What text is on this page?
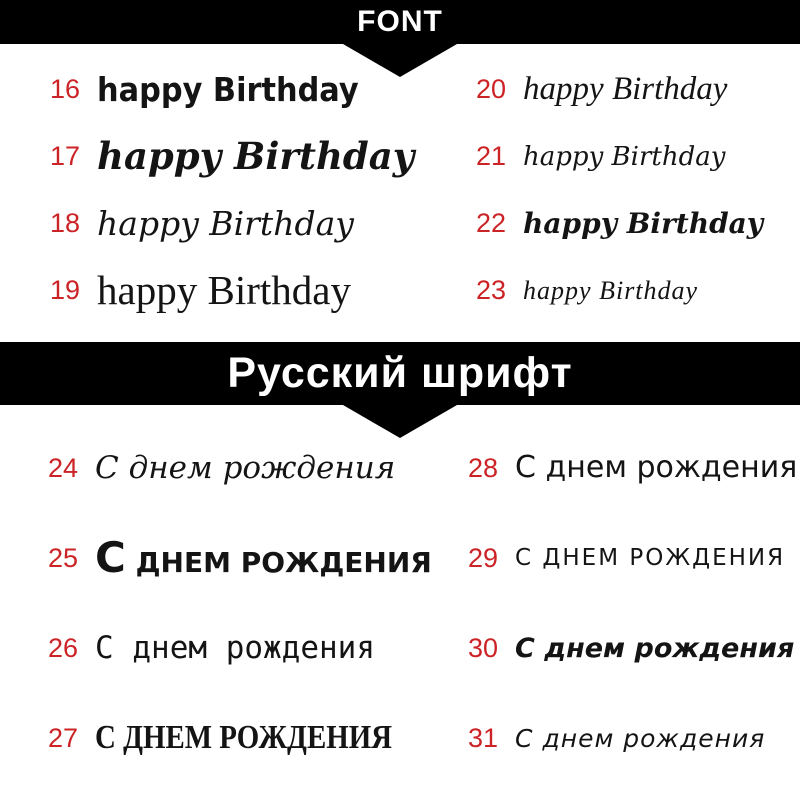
FONT
16 happy Birthday
17 happy Birthday
18 happy Birthday
19 happy Birthday
20 happy Birthday
21 happy Birthday
22 happy Birthday
23 happy Birthday
Русский шрифт
24 С днем рождения
25 С ДНЕМ РОЖДЕНИЯ
26 С днем рождения
27 С ДНЕМ РОЖДЕНИЯ
28 С днем рождения
29 С ДНЕМ РОЖДЕНИЯ
30 С днем рождения
31 С днем рождения
